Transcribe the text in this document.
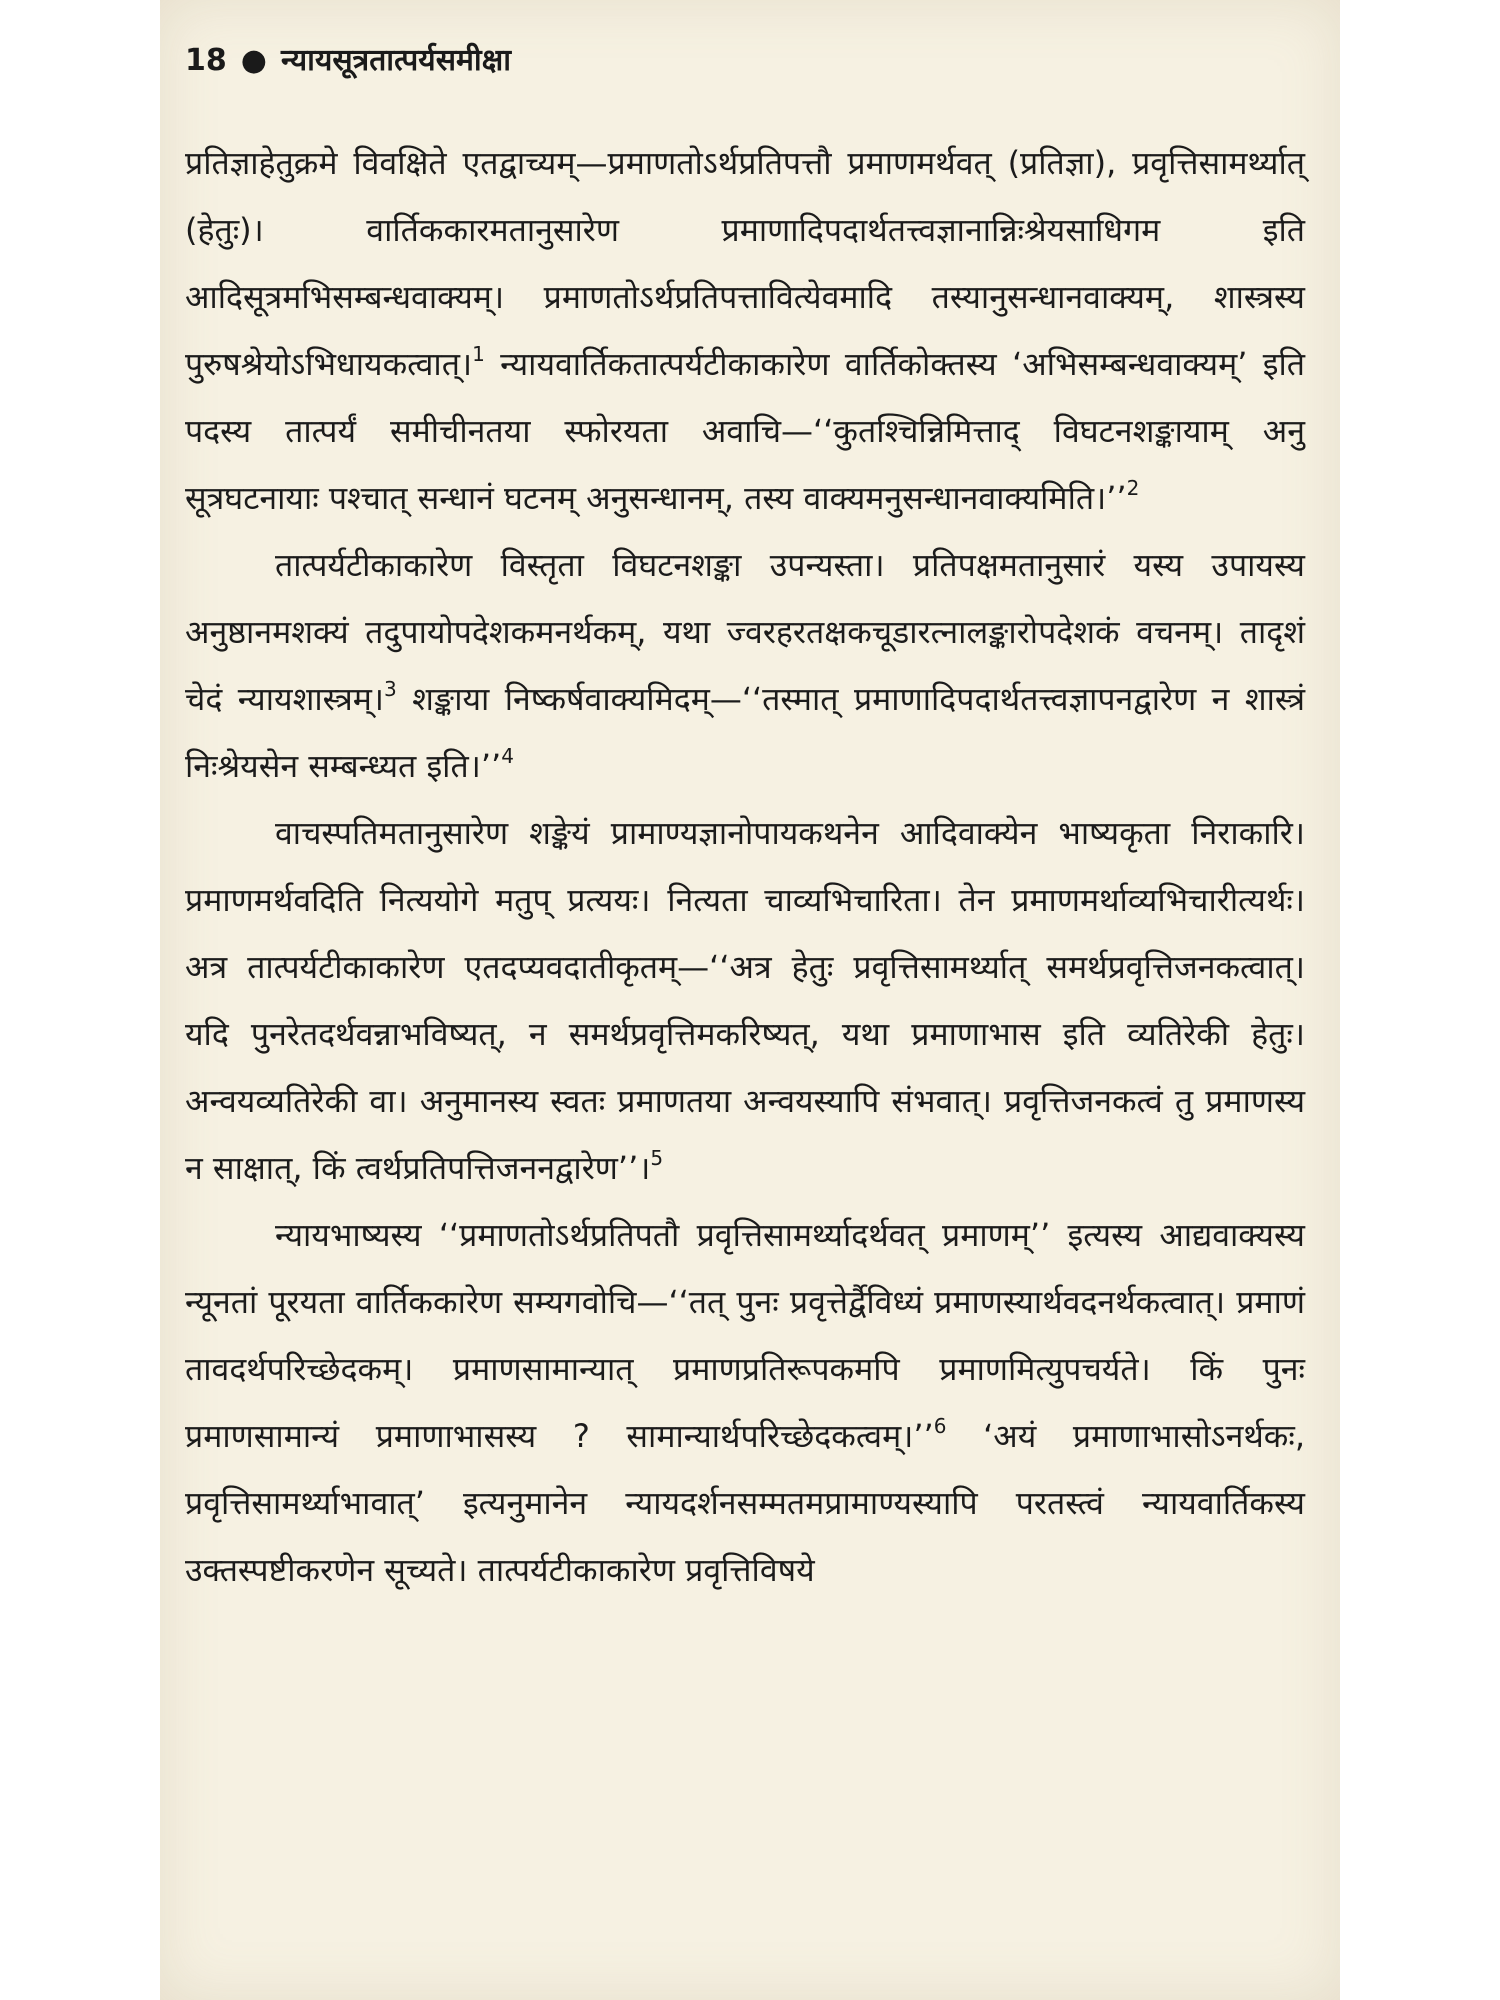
18 ● न्यायसूत्रतात्पर्यसमीक्षा

प्रतिज्ञाहेतुक्रमे विवक्षिते एतद्वाच्यम्—प्रमाणतोऽर्थप्रतिपत्तौ प्रमाणमर्थवत् (प्रतिज्ञा), प्रवृत्तिसामर्थ्यात् (हेतुः)। वार्तिककारमतानुसारेण प्रमाणादिपदार्थतत्त्वज्ञानान्निःश्रेयसाधिगम इति आदिसूत्रमभिसम्बन्धवाक्यम्। प्रमाणतोऽर्थप्रतिपत्तावित्येवमादि तस्यानुसन्धानवाक्यम्, शास्त्रस्य पुरुषश्रेयोऽभिधायकत्वात्।$^1$ न्यायवार्तिकतात्पर्यटीकाकारेण वार्तिकोक्तस्य ‘अभिसम्बन्धवाक्यम्’ इति पदस्य तात्पर्यं समीचीनतया स्फोरयता अवाचि—‘‘कुतश्चिन्निमित्ताद् विघटनशङ्कायाम् अनु सूत्रघटनायाः पश्चात् सन्धानं घटनम् अनुसन्धानम्, तस्य वाक्यमनुसन्धानवाक्यमिति।’’$^2$

तात्पर्यटीकाकारेण विस्तृता विघटनशङ्का उपन्यस्ता। प्रतिपक्षमतानुसारं यस्य उपायस्य अनुष्ठानमशक्यं तदुपायोपदेशकमनर्थकम्, यथा ज्वरहरतक्षकचूडारत्नालङ्कारोपदेशकं वचनम्। तादृशं चेदं न्यायशास्त्रम्।$^3$ शङ्काया निष्कर्षवाक्यमिदम्—‘‘तस्मात् प्रमाणादिपदार्थतत्त्वज्ञापनद्वारेण न शास्त्रं निःश्रेयसेन सम्बन्ध्यत इति।’’$^4$

वाचस्पतिमतानुसारेण शङ्केयं प्रामाण्यज्ञानोपायकथनेन आदिवाक्येन भाष्यकृता निराकारि। प्रमाणमर्थवदिति नित्ययोगे मतुप् प्रत्ययः। नित्यता चाव्यभिचारिता। तेन प्रमाणमर्थाव्यभिचारीत्यर्थः। अत्र तात्पर्यटीकाकारेण एतदप्यवदातीकृतम्—‘‘अत्र हेतुः प्रवृत्तिसामर्थ्यात् समर्थप्रवृत्तिजनकत्वात्। यदि पुनरेतदर्थवन्नाभविष्यत्, न समर्थप्रवृत्तिमकरिष्यत्, यथा प्रमाणाभास इति व्यतिरेकी हेतुः। अन्वयव्यतिरेकी वा। अनुमानस्य स्वतः प्रमाणतया अन्वयस्यापि संभवात्। प्रवृत्तिजनकत्वं तु प्रमाणस्य न साक्षात्, किं त्वर्थप्रतिपत्तिजननद्वारेण’’।$^5$

न्यायभाष्यस्य ‘‘प्रमाणतोऽर्थप्रतिपतौ प्रवृत्तिसामर्थ्यादर्थवत् प्रमाणम्’’ इत्यस्य आद्यवाक्यस्य न्यूनतां पूरयता वार्तिककारेण सम्यगवोचि—‘‘तत् पुनः प्रवृत्तेर्द्वैविध्यं प्रमाणस्यार्थवदनर्थकत्वात्। प्रमाणं तावदर्थपरिच्छेदकम्। प्रमाणसामान्यात् प्रमाणप्रतिरूपकमपि प्रमाणमित्युपचर्यते। किं पुनः प्रमाणसामान्यं प्रमाणाभासस्य ? सामान्यार्थपरिच्छेदकत्वम्।’’$^6$ ‘अयं प्रमाणाभासोऽनर्थकः, प्रवृत्तिसामर्थ्याभावात्’ इत्यनुमानेन न्यायदर्शनसम्मतमप्रामाण्यस्यापि परतस्त्वं न्यायवार्तिकस्य उक्तस्पष्टीकरणेन सूच्यते। तात्पर्यटीकाकारेण प्रवृत्तिविषये
